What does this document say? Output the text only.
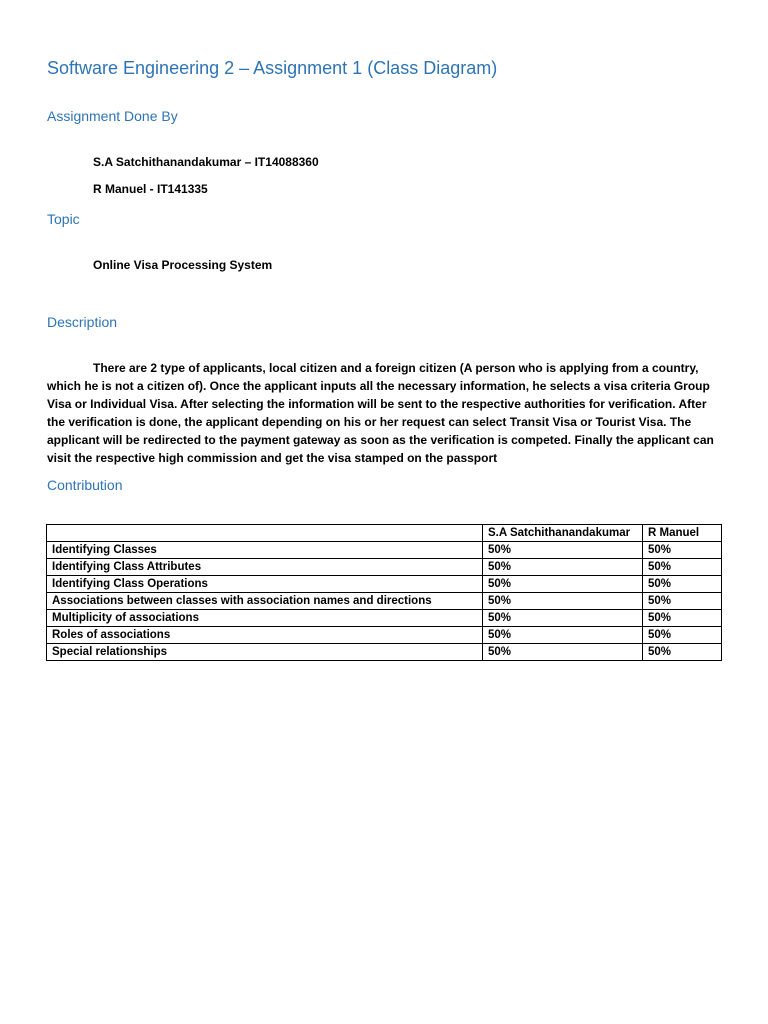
Software Engineering 2 – Assignment 1 (Class Diagram)
Assignment Done By
S.A Satchithanandakumar – IT14088360
R Manuel - IT141335
Topic
Online Visa Processing System
Description

There are 2 type of applicants, local citizen and a foreign citizen (A person who is applying from a country, which he is not a citizen of). Once the applicant inputs all the necessary information, he selects a visa criteria Group Visa or Individual Visa. After selecting the information will be sent to the respective authorities for verification. After the verification is done, the applicant depending on his or her request can select Transit Visa or Tourist Visa. The applicant will be redirected to the payment gateway as soon as the verification is competed. Finally the applicant can visit the respective high commission and get the visa stamped on the passport

Contribution
	S.A Satchithanandakumar	R Manuel
Identifying Classes	50%	50%
Identifying Class Attributes	50%	50%
Identifying Class Operations	50%	50%
Associations between classes with association names and directions	50%	50%
Multiplicity of associations	50%	50%
Roles of associations	50%	50%
Special relationships	50%	50%
